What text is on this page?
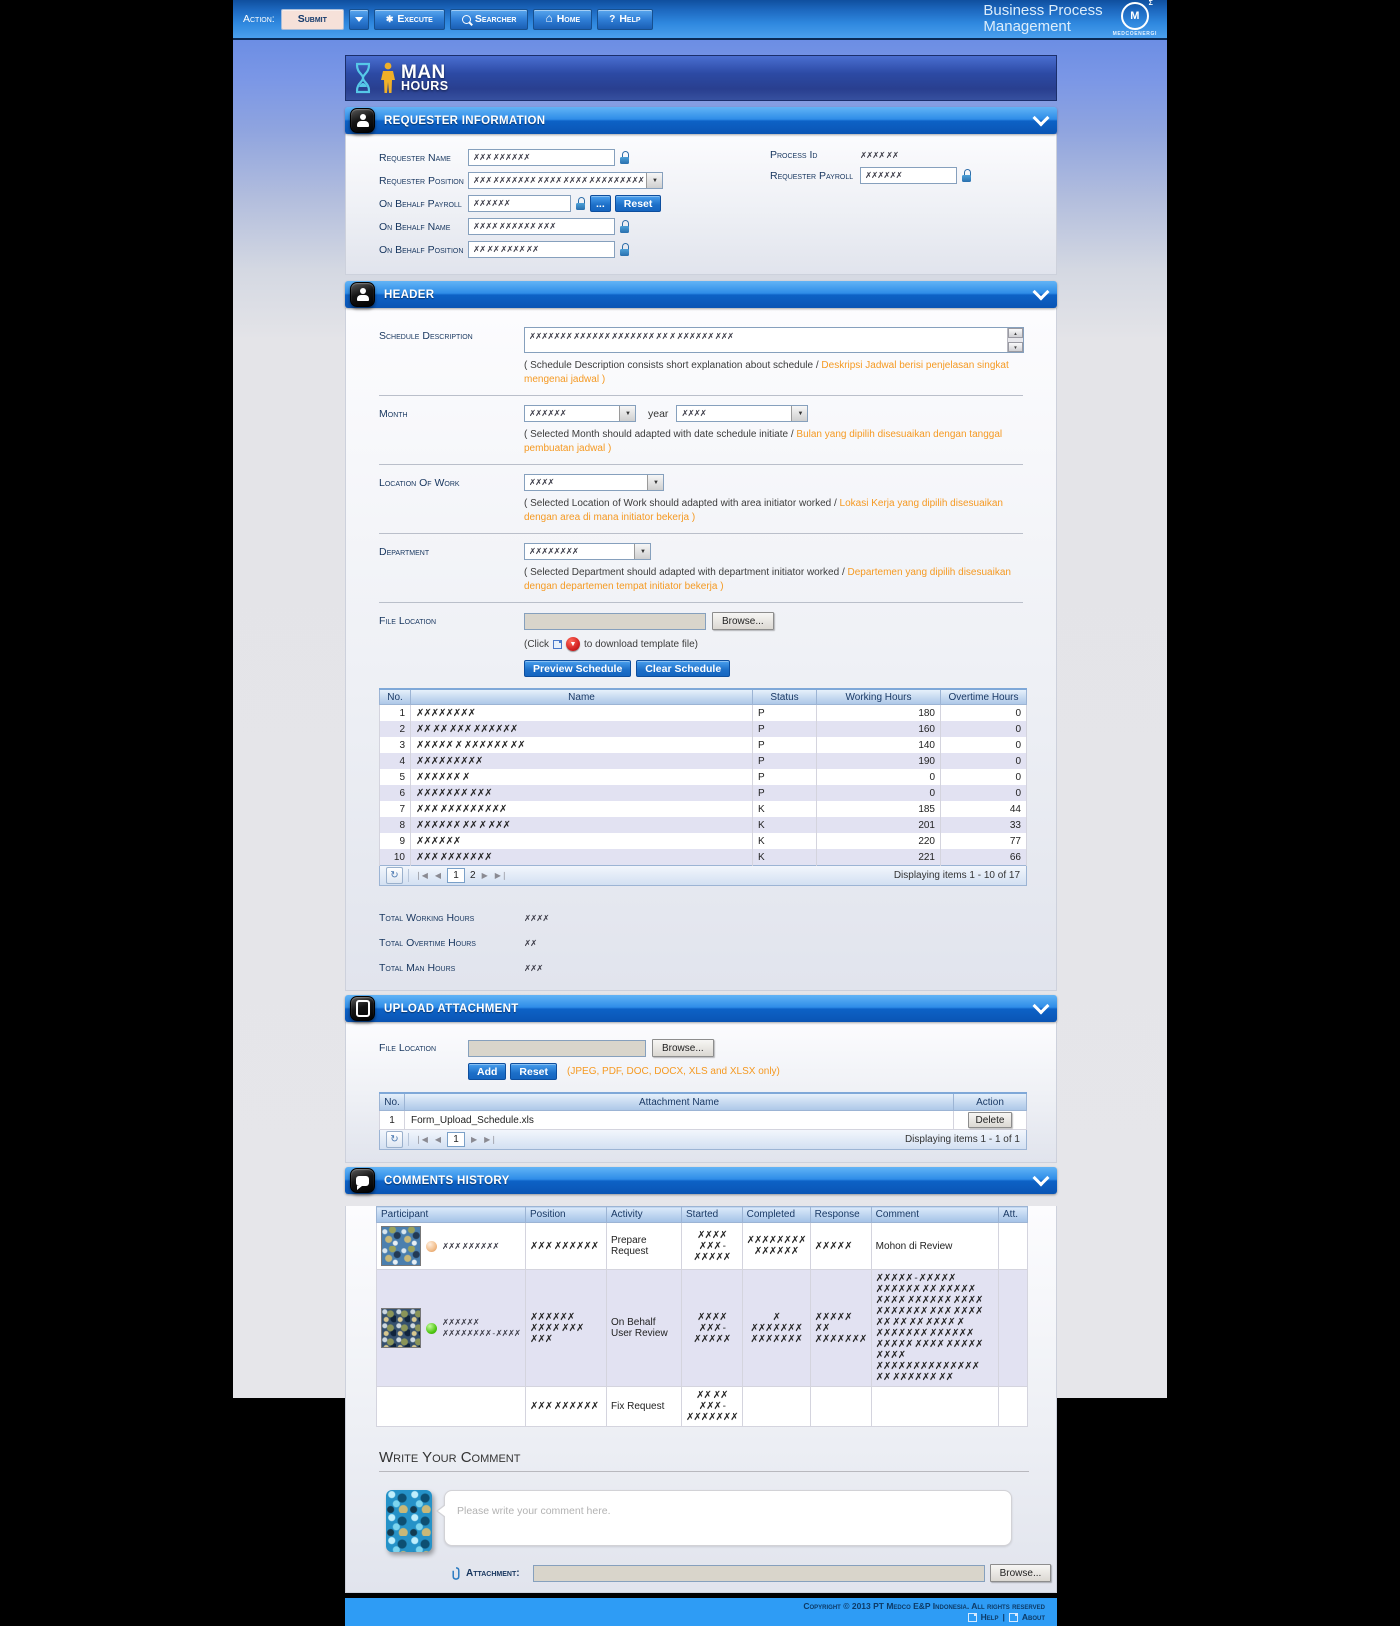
Action:	Submit ✱	Execute	Searcher ⌂	Home ?	Help	Business Process
Management
M
Σ
MEDCOENERGI
MAN
HOURS
REQUESTER INFORMATION
Requester Name
✗✗✗ ✗✗✗✗✗✗
Requester Position	✗✗✗ ✗✗✗✗✗✗✗ ✗✗✗✗ ✗✗✗✗ ✗✗✗✗✗✗✗✗✗
▼
On Behalf Payroll
✗✗✗✗✗✗	...	Reset
On Behalf Name
✗✗✗✗ ✗✗✗✗✗✗ ✗✗✗
On Behalf Position
✗✗ ✗✗ ✗✗✗✗ ✗✗
Process Id	✗✗✗✗ ✗✗
Requester Payroll
✗✗✗✗✗✗
HEADER
Schedule Description	✗✗✗✗✗✗✗ ✗✗✗✗✗✗ ✗✗✗✗✗✗✗ ✗✗ ✗ ✗✗✗✗✗✗ ✗✗✗	▲
▼
( Schedule Description consists short explanation about schedule / Deskripsi Jadwal berisi penjelasan singkat mengenai jadwal )
Month	✗✗✗✗✗✗ ▼	year ✗✗✗✗
▼
( Selected Month should adapted with date schedule initiate / Bulan yang dipilih disesuaikan dengan tanggal pembuatan jadwal )
Location Of Work	✗✗✗✗
▼
( Selected Location of Work should adapted with area initiator worked / Lokasi Kerja yang dipilih disesuaikan dengan area di mana initiator bekerja )
Department	✗✗✗✗✗✗✗✗
▼
( Selected Department should adapted with department initiator worked / Departemen yang dipilih disesuaikan dengan departemen tempat initiator bekerja )
File Location	Browse...
(Click ▼	to download template file)
Preview Schedule	Clear Schedule
No.	Name	Status	Working Hours	Overtime Hours
1	✗✗✗✗✗✗✗✗	P	180	0
2	✗✗ ✗✗ ✗✗✗ ✗✗✗✗✗✗	P	160	0
3	✗✗✗✗✗ ✗ ✗✗✗✗✗✗ ✗✗	P	140	0
4	✗✗✗✗✗✗✗✗✗	P	190	0
5	✗✗✗✗✗✗ ✗	P	0	0
6	✗✗✗✗✗✗✗ ✗✗✗	P	0	0
7	✗✗✗ ✗✗✗✗✗✗✗✗✗	K	185	44
8	✗✗✗✗✗✗ ✗✗ ✗ ✗✗✗	K	201	33
9	✗✗✗✗✗✗	K	220	77
10	✗✗✗ ✗✗✗✗✗✗✗	K	221	66
↻
❘◀ ◀	1	2 ▶ ▶❘	Displaying items 1 - 10 of 17
Total Working Hours	✗✗✗✗
Total Overtime Hours	✗✗
Total Man Hours	✗✗✗
UPLOAD ATTACHMENT
File Location	Browse...
Add	Reset	(JPEG, PDF, DOC, DOCX, XLS and XLSX only)
No.	Attachment Name	Action
1	Form_Upload_Schedule.xls	Delete
↻
❘◀ ◀	1	▶ ▶❘	Displaying items 1 - 1 of 1
COMMENTS HISTORY
Participant	Position	Activity	Started	Completed	Response	Comment	Att.

✗✗✗ ✗✗✗✗✗✗	✗✗✗ ✗✗✗✗✗✗	Prepare Request	✗✗✗✗ ✗✗✗ - ✗✗✗✗✗	✗✗✗✗✗✗✗✗ ✗✗✗✗✗✗	✗✗✗✗✗	Mohon di Review	

✗✗✗✗✗✗ ✗✗✗✗✗✗✗✗ - ✗✗✗✗	✗✗✗✗✗✗ ✗✗✗✗ ✗✗✗ ✗✗✗	On Behalf User Review	✗✗✗✗ ✗✗✗ - ✗✗✗✗✗	✗ ✗✗✗✗✗✗✗ ✗✗✗✗✗✗✗	✗✗✗✗✗ ✗✗ ✗✗✗✗✗✗✗	✗✗✗✗✗ - ✗✗✗✗✗ ✗✗✗✗✗✗ ✗✗ ✗✗✗✗✗ ✗✗✗✗ ✗✗✗✗✗✗ ✗✗✗✗ ✗✗✗✗✗✗✗ ✗✗✗ ✗✗✗✗ ✗✗ ✗✗ ✗✗ ✗✗✗✗ ✗ ✗✗✗✗✗✗✗ ✗✗✗✗✗✗ ✗✗✗✗✗ ✗✗✗✗ ✗✗✗✗✗ ✗✗✗✗ ✗✗✗✗✗✗✗✗✗✗✗✗✗✗ ✗✗ ✗✗✗✗✗✗ ✗✗	
	✗✗✗ ✗✗✗✗✗✗	Fix Request	✗✗ ✗✗ ✗✗✗ - ✗✗✗✗✗✗✗				
Write Your Comment
Please write your comment here.
Attachment:	Browse...
Copyright © 2013 PT Medco E&P Indonesia. All rights reserved
Help | About
